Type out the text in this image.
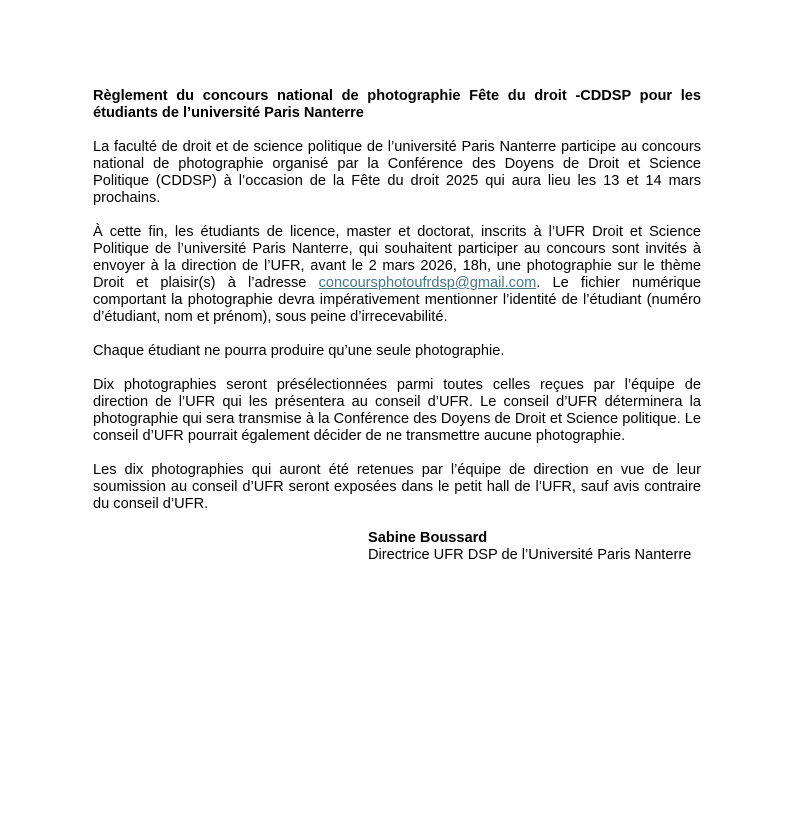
Règlement du concours national de photographie Fête du droit -CDDSP pour les étudiants de l’université Paris Nanterre

La faculté de droit et de science politique de l’université Paris Nanterre participe au concours national de photographie organisé par la Conférence des Doyens de Droit et Science Politique (CDDSP) à l’occasion de la Fête du droit 2025 qui aura lieu les 13 et 14 mars prochains.

À cette fin, les étudiants de licence, master et doctorat, inscrits à l’UFR Droit et Science Politique de l’université Paris Nanterre, qui souhaitent participer au concours sont invités à envoyer à la direction de l’UFR, avant le 2 mars 2026, 18h, une photographie sur le thème Droit et plaisir(s) à l’adresse concoursphotoufrdsp@gmail.com. Le fichier numérique comportant la photographie devra impérativement mentionner l’identité de l’étudiant (numéro d’étudiant, nom et prénom), sous peine d’irrecevabilité.

Chaque étudiant ne pourra produire qu’une seule photographie.

Dix photographies seront présélectionnées parmi toutes celles reçues par l’équipe de direction de l’UFR qui les présentera au conseil d’UFR. Le conseil d’UFR déterminera la photographie qui sera transmise à la Conférence des Doyens de Droit et Science politique. Le conseil d’UFR pourrait également décider de ne transmettre aucune photographie.

Les dix photographies qui auront été retenues par l’équipe de direction en vue de leur soumission au conseil d’UFR seront exposées dans le petit hall de l’UFR, sauf avis contraire du conseil d’UFR.

Sabine Boussard
Directrice UFR DSP de l’Université Paris Nanterre
